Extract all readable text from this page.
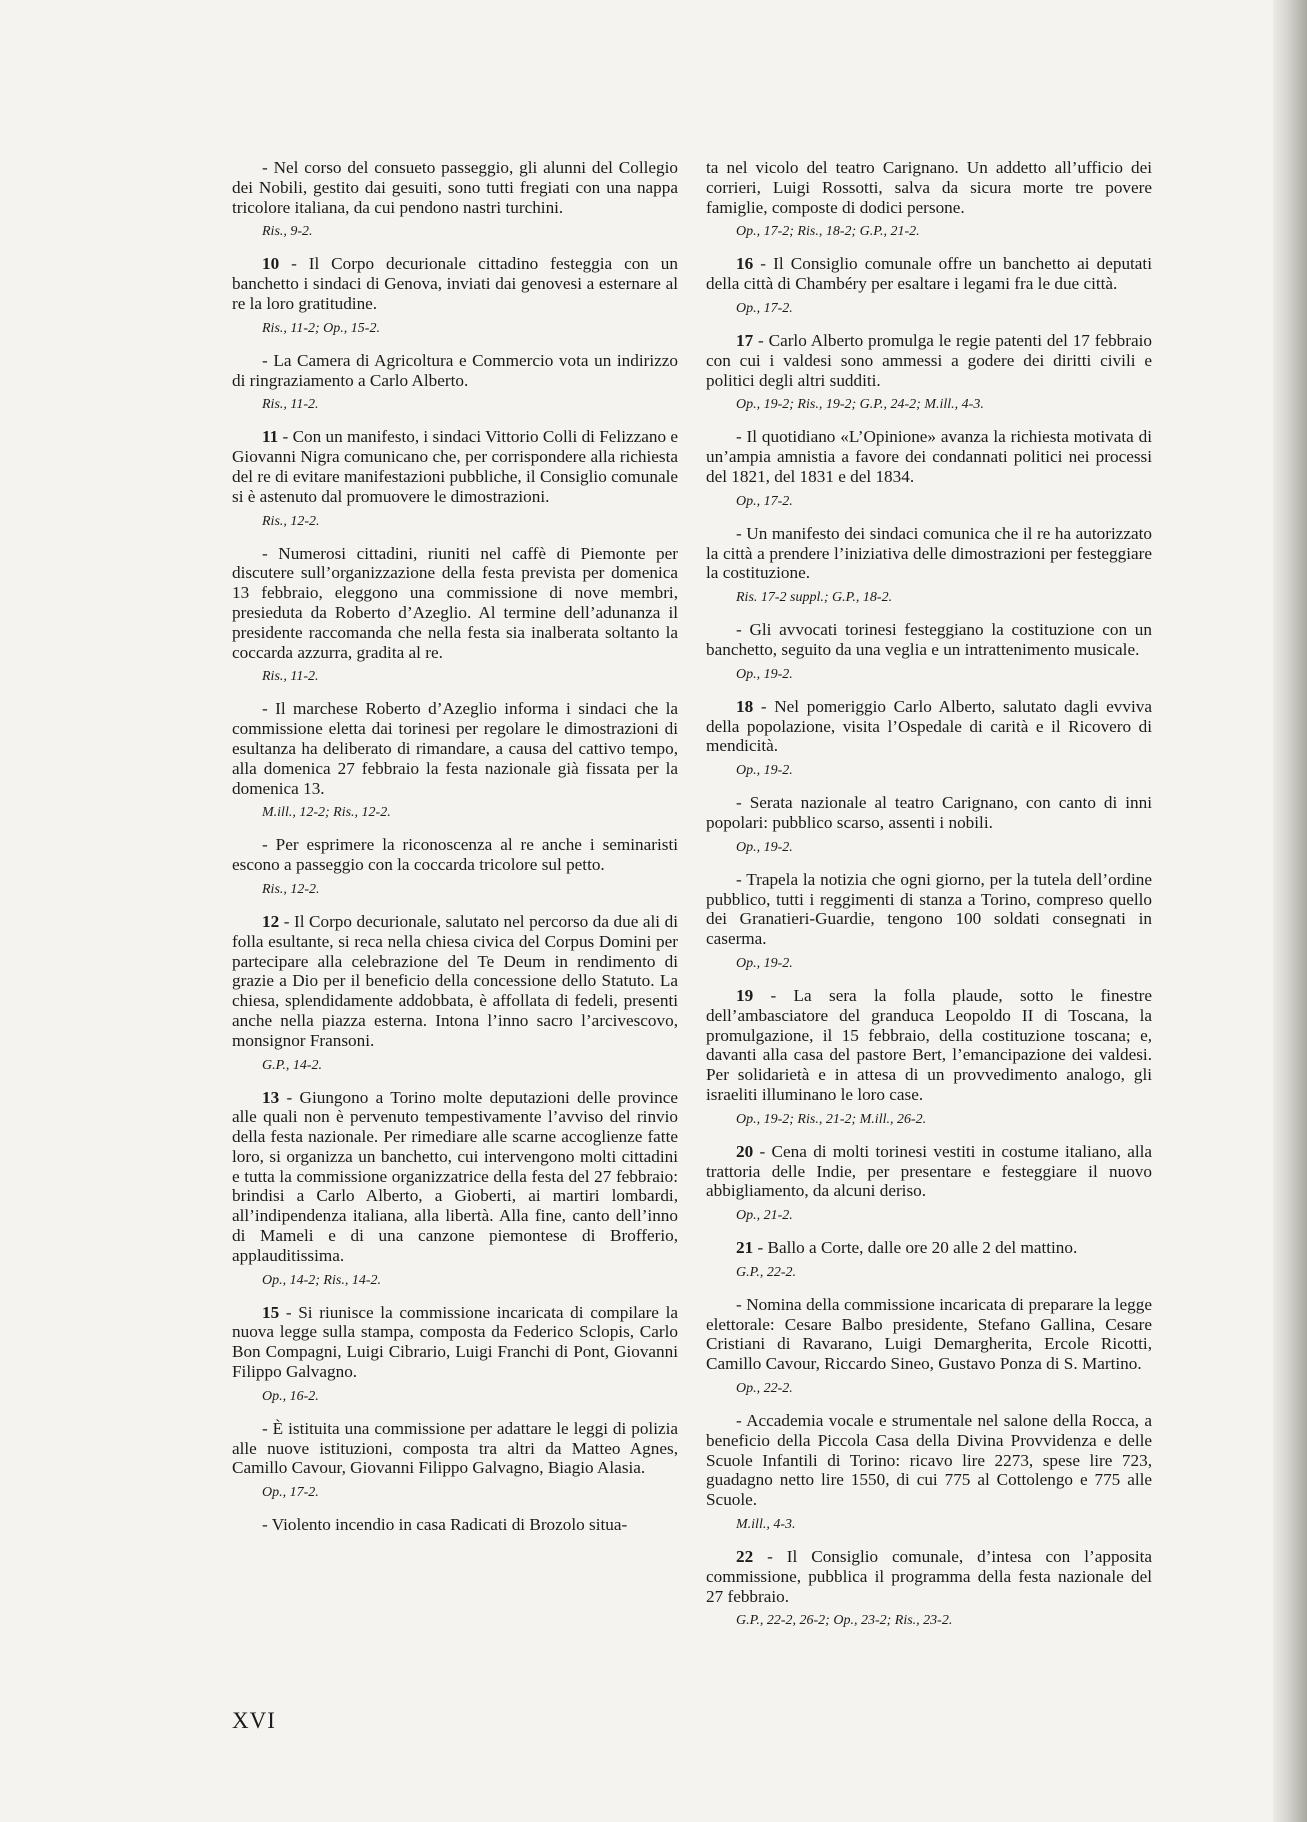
- Nel corso del consueto passeggio, gli alunni del Collegio dei Nobili, gestito dai gesuiti, sono tutti fregiati con una nappa tricolore italiana, da cui pendono nastri turchini.

Ris., 9-2.

10 - Il Corpo decurionale cittadino festeggia con un banchetto i sindaci di Genova, inviati dai genovesi a esternare al re la loro gratitudine.

Ris., 11-2; Op., 15-2.

- La Camera di Agricoltura e Commercio vota un indirizzo di ringraziamento a Carlo Alberto.

Ris., 11-2.

11 - Con un manifesto, i sindaci Vittorio Colli di Felizzano e Giovanni Nigra comunicano che, per corrispondere alla richiesta del re di evitare manifestazioni pubbliche, il Consiglio comunale si è astenuto dal promuovere le dimostrazioni.

Ris., 12-2.

- Numerosi cittadini, riuniti nel caffè di Piemonte per discutere sull’organizzazione della festa prevista per domenica 13 febbraio, eleggono una commissione di nove membri, presieduta da Roberto d’Azeglio. Al termine dell’adunanza il presidente raccomanda che nella festa sia inalberata soltanto la coccarda azzurra, gradita al re.

Ris., 11-2.

- Il marchese Roberto d’Azeglio informa i sindaci che la commissione eletta dai torinesi per regolare le dimostrazioni di esultanza ha deliberato di rimandare, a causa del cattivo tempo, alla domenica 27 febbraio la festa nazionale già fissata per la domenica 13.

M.ill., 12-2; Ris., 12-2.

- Per esprimere la riconoscenza al re anche i seminaristi escono a passeggio con la coccarda tricolore sul petto.

Ris., 12-2.

12 - Il Corpo decurionale, salutato nel percorso da due ali di folla esultante, si reca nella chiesa civica del Corpus Domini per partecipare alla celebrazione del Te Deum in rendimento di grazie a Dio per il beneficio della concessione dello Statuto. La chiesa, splendidamente addobbata, è affollata di fedeli, presenti anche nella piazza esterna. Intona l’inno sacro l’arcivescovo, monsignor Fransoni.

G.P., 14-2.

13 - Giungono a Torino molte deputazioni delle province alle quali non è pervenuto tempestivamente l’avviso del rinvio della festa nazionale. Per rimediare alle scarne accoglienze fatte loro, si organizza un banchetto, cui intervengono molti cittadini e tutta la commissione organizzatrice della festa del 27 febbraio: brindisi a Carlo Alberto, a Gioberti, ai martiri lombardi, all’indipendenza italiana, alla libertà. Alla fine, canto dell’inno di Mameli e di una canzone piemontese di Brofferio, applauditissima.

Op., 14-2; Ris., 14-2.

15 - Si riunisce la commissione incaricata di compilare la nuova legge sulla stampa, composta da Federico Sclopis, Carlo Bon Compagni, Luigi Cibrario, Luigi Franchi di Pont, Giovanni Filippo Galvagno.

Op., 16-2.

- È istituita una commissione per adattare le leggi di polizia alle nuove istituzioni, composta tra altri da Matteo Agnes, Camillo Cavour, Giovanni Filippo Galvagno, Biagio Alasia.

Op., 17-2.

- Violento incendio in casa Radicati di Brozolo situa-

ta nel vicolo del teatro Carignano. Un addetto all’ufficio dei corrieri, Luigi Rossotti, salva da sicura morte tre povere famiglie, composte di dodici persone.

Op., 17-2; Ris., 18-2; G.P., 21-2.

16 - Il Consiglio comunale offre un banchetto ai deputati della città di Chambéry per esaltare i legami fra le due città.

Op., 17-2.

17 - Carlo Alberto promulga le regie patenti del 17 febbraio con cui i valdesi sono ammessi a godere dei diritti civili e politici degli altri sudditi.

Op., 19-2; Ris., 19-2; G.P., 24-2; M.ill., 4-3.

- Il quotidiano «L’Opinione» avanza la richiesta motivata di un’ampia amnistia a favore dei condannati politici nei processi del 1821, del 1831 e del 1834.

Op., 17-2.

- Un manifesto dei sindaci comunica che il re ha autorizzato la città a prendere l’iniziativa delle dimostrazioni per festeggiare la costituzione.

Ris. 17-2 suppl.; G.P., 18-2.

- Gli avvocati torinesi festeggiano la costituzione con un banchetto, seguito da una veglia e un intrattenimento musicale.

Op., 19-2.

18 - Nel pomeriggio Carlo Alberto, salutato dagli evviva della popolazione, visita l’Ospedale di carità e il Ricovero di mendicità.

Op., 19-2.

- Serata nazionale al teatro Carignano, con canto di inni popolari: pubblico scarso, assenti i nobili.

Op., 19-2.

- Trapela la notizia che ogni giorno, per la tutela dell’ordine pubblico, tutti i reggimenti di stanza a Torino, compreso quello dei Granatieri-Guardie, tengono 100 soldati consegnati in caserma.

Op., 19-2.

19 - La sera la folla plaude, sotto le finestre dell’ambasciatore del granduca Leopoldo II di Toscana, la promulgazione, il 15 febbraio, della costituzione toscana; e, davanti alla casa del pastore Bert, l’emancipazione dei valdesi. Per solidarietà e in attesa di un provvedimento analogo, gli israeliti illuminano le loro case.

Op., 19-2; Ris., 21-2; M.ill., 26-2.

20 - Cena di molti torinesi vestiti in costume italiano, alla trattoria delle Indie, per presentare e festeggiare il nuovo abbigliamento, da alcuni deriso.

Op., 21-2.

21 - Ballo a Corte, dalle ore 20 alle 2 del mattino.

G.P., 22-2.

- Nomina della commissione incaricata di preparare la legge elettorale: Cesare Balbo presidente, Stefano Gallina, Cesare Cristiani di Ravarano, Luigi Demargherita, Ercole Ricotti, Camillo Cavour, Riccardo Sineo, Gustavo Ponza di S. Martino.

Op., 22-2.

- Accademia vocale e strumentale nel salone della Rocca, a beneficio della Piccola Casa della Divina Provvidenza e delle Scuole Infantili di Torino: ricavo lire 2273, spese lire 723, guadagno netto lire 1550, di cui 775 al Cottolengo e 775 alle Scuole.

M.ill., 4-3.

22 - Il Consiglio comunale, d’intesa con l’apposita commissione, pubblica il programma della festa nazionale del 27 febbraio.

G.P., 22-2, 26-2; Op., 23-2; Ris., 23-2.
XVI
